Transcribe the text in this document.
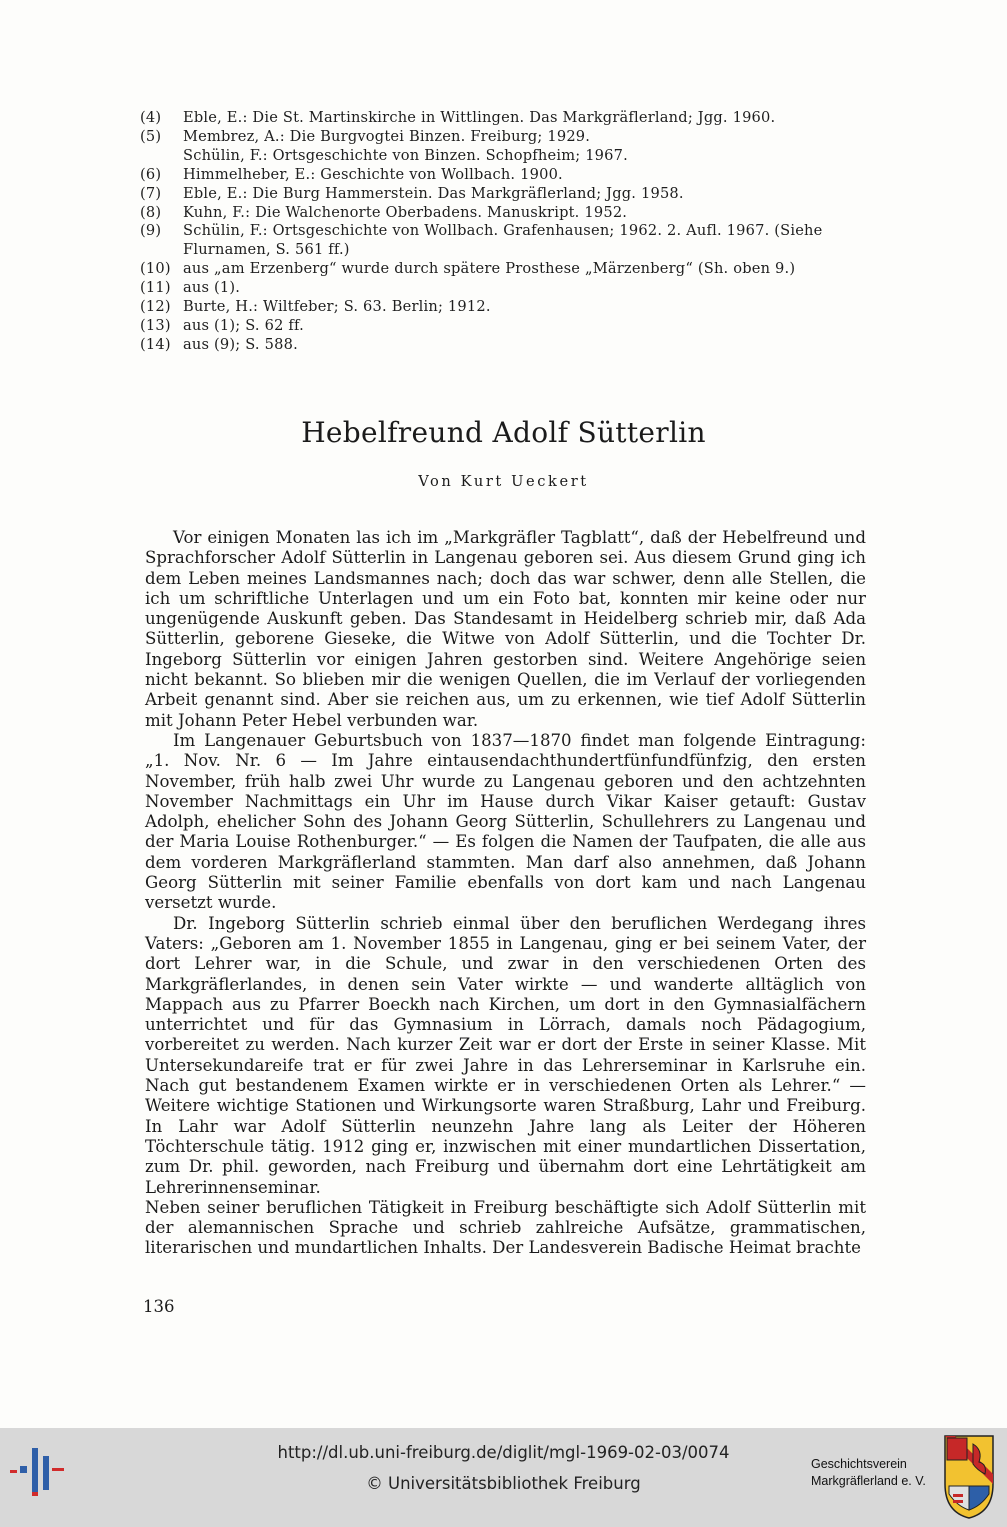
(4)	Eble, E.: Die St. Martinskirche in Wittlingen. Das Markgräflerland; Jgg. 1960.
(5)	Membrez, A.: Die Burgvogtei Binzen. Freiburg; 1929.
Schülin, F.: Ortsgeschichte von Binzen. Schopfheim; 1967.
(6)	Himmelheber, E.: Geschichte von Wollbach. 1900.
(7)	Eble, E.: Die Burg Hammerstein. Das Markgräflerland; Jgg. 1958.
(8)	Kuhn, F.: Die Walchenorte Oberbadens. Manuskript. 1952.
(9)	Schülin, F.: Ortsgeschichte von Wollbach. Grafenhausen; 1962. 2. Aufl. 1967. (Siehe Flurnamen, S. 561 ff.)
(10) aus „am Erzenberg“ wurde durch spätere Prosthese „Märzenberg“ (Sh. oben 9.)
(11) aus (1).
(12) Burte, H.: Wiltfeber; S. 63. Berlin; 1912.
(13) aus (1); S. 62 ff.
(14) aus (9); S. 588.
Hebelfreund Adolf Sütterlin
Von Kurt Ueckert

Vor einigen Monaten las ich im „Markgräfler Tagblatt“, daß der Hebelfreund und Sprachforscher Adolf Sütterlin in Langenau geboren sei. Aus diesem Grund ging ich dem Leben meines Landsmannes nach; doch das war schwer, denn alle Stellen, die ich um schriftliche Unterlagen und um ein Foto bat, konnten mir keine oder nur ungenügende Auskunft geben. Das Standesamt in Heidelberg schrieb mir, daß Ada Sütterlin, geborene Gieseke, die Witwe von Adolf Sütterlin, und die Tochter Dr. Ingeborg Sütterlin vor einigen Jahren gestorben sind. Weitere Angehörige seien nicht bekannt. So blieben mir die wenigen Quellen, die im Verlauf der vorliegenden Arbeit genannt sind. Aber sie reichen aus, um zu erkennen, wie tief Adolf Sütterlin mit Johann Peter Hebel verbunden war.

Im Langenauer Geburtsbuch von 1837—1870 findet man folgende Eintragung: „1. Nov. Nr. 6 — Im Jahre eintausendachthundertfünfundfünfzig, den ersten November, früh halb zwei Uhr wurde zu Langenau geboren und den achtzehnten November Nachmittags ein Uhr im Hause durch Vikar Kaiser getauft: Gustav Adolph, ehelicher Sohn des Johann Georg Sütterlin, Schullehrers zu Langenau und der Maria Louise Rothenburger.“ — Es folgen die Namen der Taufpaten, die alle aus dem vorderen Markgräflerland stammten. Man darf also annehmen, daß Johann Georg Sütterlin mit seiner Familie ebenfalls von dort kam und nach Langenau versetzt wurde.

Dr. Ingeborg Sütterlin schrieb einmal über den beruflichen Werdegang ihres Vaters: „Geboren am 1. November 1855 in Langenau, ging er bei seinem Vater, der dort Lehrer war, in die Schule, und zwar in den verschiedenen Orten des Markgräflerlandes, in denen sein Vater wirkte — und wanderte alltäglich von Mappach aus zu Pfarrer Boeckh nach Kirchen, um dort in den Gymnasialfächern unterrichtet und für das Gymnasium in Lörrach, damals noch Pädagogium, vorbereitet zu werden. Nach kurzer Zeit war er dort der Erste in seiner Klasse. Mit Untersekundareife trat er für zwei Jahre in das Lehrerseminar in Karlsruhe ein. Nach gut bestandenem Examen wirkte er in verschiedenen Orten als Lehrer.“ — Weitere wichtige Stationen und Wirkungsorte waren Straßburg, Lahr und Freiburg. In Lahr war Adolf Sütterlin neunzehn Jahre lang als Leiter der Höheren Töchterschule tätig. 1912 ging er, inzwischen mit einer mundartlichen Dissertation, zum Dr. phil. geworden, nach Freiburg und übernahm dort eine Lehrtätigkeit am Lehrerinnenseminar.

Neben seiner beruflichen Tätigkeit in Freiburg beschäftigte sich Adolf Sütterlin mit der alemannischen Sprache und schrieb zahlreiche Aufsätze, grammatischen, literarischen und mundartlichen Inhalts. Der Landesverein Badische Heimat brachte

136
http://dl.ub.uni-freiburg.de/diglit/mgl-1969-02-03/0074
© Universitätsbibliothek Freiburg
Geschichtsverein
Markgräflerland e. V.
